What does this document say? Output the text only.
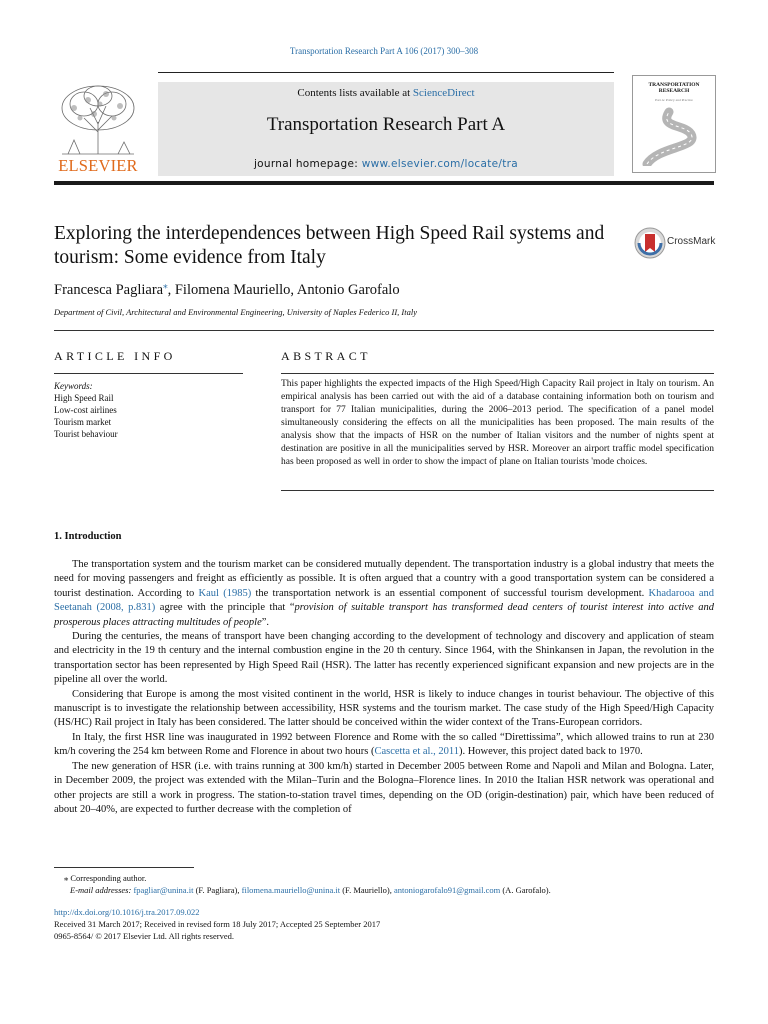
Transportation Research Part A 106 (2017) 300–308
ELSEVIER
Contents lists available at ScienceDirect
Transportation Research Part A
journal homepage: www.elsevier.com/locate/tra
TRANSPORTATION RESEARCH
Part A: Policy and Practice
Exploring the interdependences between High Speed Rail systems and tourism: Some evidence from Italy
CrossMark
Francesca Pagliara⁎, Filomena Mauriello, Antonio Garofalo
Department of Civil, Architectural and Environmental Engineering, University of Naples Federico II, Italy
ARTICLE INFO	ABSTRACT
Keywords:
High Speed Rail
Low-cost airlines
Tourism market
Tourist behaviour
This paper highlights the expected impacts of the High Speed/High Capacity Rail project in Italy on tourism. An empirical analysis has been carried out with the aid of a database containing information both on tourism and transport for 77 Italian municipalities, during the 2006–2013 period. The specification of a panel model simultaneously considering the effects on all the municipalities has been proposed. The main results of the analysis show that the impacts of HSR on the number of Italian visitors and the number of nights spent at destination are positive in all the municipalities served by HSR. Moreover an airport traffic model specification has been proposed as well in order to show the impact of plane on Italian tourists 'mode choices.
1. Introduction

The transportation system and the tourism market can be considered mutually dependent. The transportation industry is a global industry that meets the need for moving passengers and freight as efficiently as possible. It is often argued that a country with a good transportation system can be considered a tourist destination. According to Kaul (1985) the transportation network is an essential component of successful tourism development. Khadarooa and Seetanah (2008, p.831) agree with the principle that “provision of suitable transport has transformed dead centers of tourist interest into active and prosperous places attracting multitudes of people”.

During the centuries, the means of transport have been changing according to the development of technology and discovery and application of steam and electricity in the 19 th century and the internal combustion engine in the 20 th century. Since 1964, with the Shinkansen in Japan, the revolution in the transportation sector has been represented by High Speed Rail (HSR). The latter has recently experienced significant expansion and new projects are in the pipeline all over the world.

Considering that Europe is among the most visited continent in the world, HSR is likely to induce changes in tourist behaviour. The objective of this manuscript is to investigate the relationship between accessibility, HSR systems and the tourism market. The case study of the High Speed/High Capacity (HS/HC) Rail project in Italy has been considered. The latter should be conceived within the wider context of the Trans-European corridors.

In Italy, the first HSR line was inaugurated in 1992 between Florence and Rome with the so called “Direttissima”, which allowed trains to run at 230 km/h covering the 254 km between Rome and Florence in about two hours (Cascetta et al., 2011). However, this project dated back to 1970.

The new generation of HSR (i.e. with trains running at 300 km/h) started in December 2005 between Rome and Napoli and Milan and Bologna. Later, in December 2009, the project was extended with the Milan–Turin and the Bologna–Florence lines. In 2010 the Italian HSR network was operational and other projects are still a work in progress. The station-to-station travel times, depending on the OD (origin-destination) pair, which have been reduced of about 20–40%, are expected to further decrease with the completion of

⁎ Corresponding author.
E-mail addresses: fpagliar@unina.it (F. Pagliara), filomena.mauriello@unina.it (F. Mauriello), antoniogarofalo91@gmail.com (A. Garofalo).
http://dx.doi.org/10.1016/j.tra.2017.09.022
Received 31 March 2017; Received in revised form 18 July 2017; Accepted 25 September 2017
0965-8564/ © 2017 Elsevier Ltd. All rights reserved.
